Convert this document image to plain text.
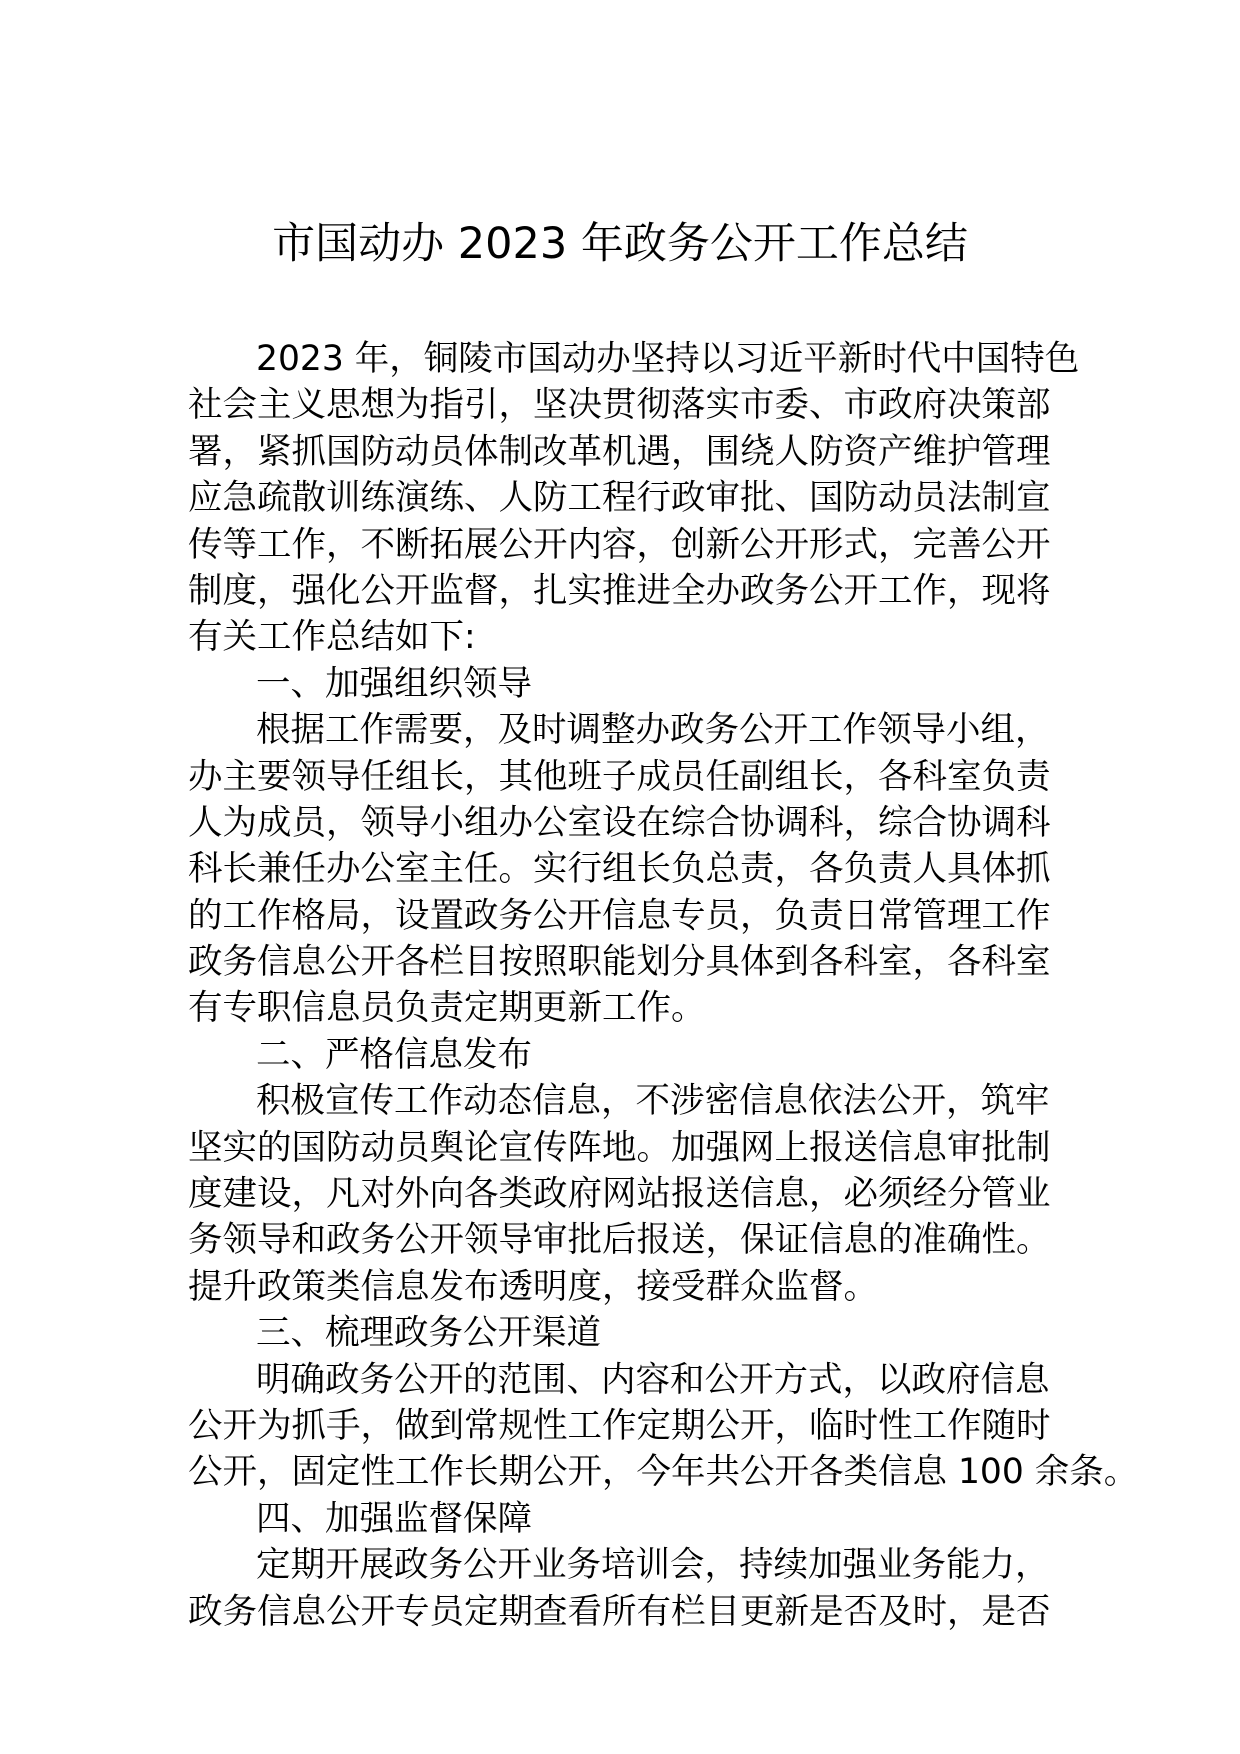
市国动办 2023 年政务公开工作总结
2023 年，铜陵市国动办坚持以习近平新时代中国特色
社会主义思想为指引，坚决贯彻落实市委、市政府决策部
署，紧抓国防动员体制改革机遇，围绕人防资产维护管理
应急疏散训练演练、人防工程行政审批、国防动员法制宣
传等工作，不断拓展公开内容，创新公开形式，完善公开
制度，强化公开监督，扎实推进全办政务公开工作，现将
有关工作总结如下:
一、加强组织领导
根据工作需要，及时调整办政务公开工作领导小组，
办主要领导任组长，其他班子成员任副组长，各科室负责
人为成员，领导小组办公室设在综合协调科，综合协调科
科长兼任办公室主任。实行组长负总责，各负责人具体抓
的工作格局，设置政务公开信息专员，负责日常管理工作
政务信息公开各栏目按照职能划分具体到各科室，各科室
有专职信息员负责定期更新工作。
二、严格信息发布
积极宣传工作动态信息，不涉密信息依法公开，筑牢
坚实的国防动员舆论宣传阵地。加强网上报送信息审批制
度建设，凡对外向各类政府网站报送信息，必须经分管业
务领导和政务公开领导审批后报送，保证信息的准确性。
提升政策类信息发布透明度，接受群众监督。
三、梳理政务公开渠道
明确政务公开的范围、内容和公开方式，以政府信息
公开为抓手，做到常规性工作定期公开，临时性工作随时
公开，固定性工作长期公开，今年共公开各类信息 100 余条。
四、加强监督保障
定期开展政务公开业务培训会，持续加强业务能力，
政务信息公开专员定期查看所有栏目更新是否及时，是否
